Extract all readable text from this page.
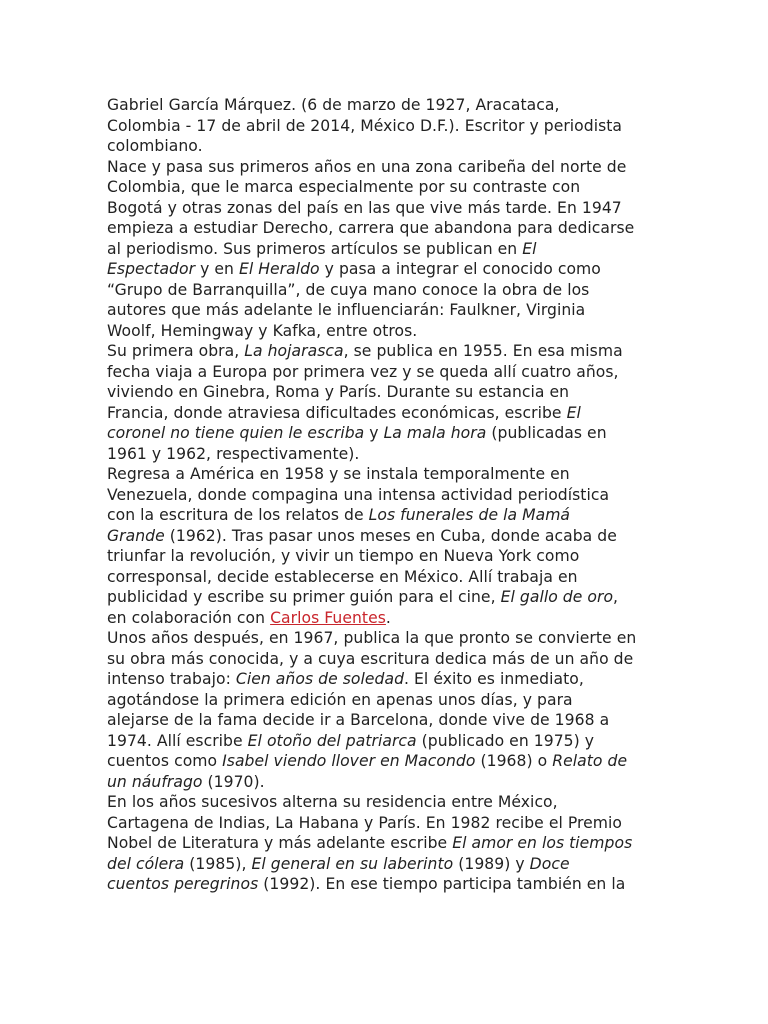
Gabriel García Márquez. (6 de marzo de 1927, Aracataca,
Colombia - 17 de abril de 2014, México D.F.). Escritor y periodista
colombiano.

Nace y pasa sus primeros años en una zona caribeña del norte de
Colombia, que le marca especialmente por su contraste con
Bogotá y otras zonas del país en las que vive más tarde. En 1947
empieza a estudiar Derecho, carrera que abandona para dedicarse
al periodismo. Sus primeros artículos se publican en El
Espectador y en El Heraldo y pasa a integrar el conocido como
“Grupo de Barranquilla”, de cuya mano conoce la obra de los
autores que más adelante le influenciarán: Faulkner, Virginia
Woolf, Hemingway y Kafka, entre otros.

Su primera obra, La hojarasca, se publica en 1955. En esa misma
fecha viaja a Europa por primera vez y se queda allí cuatro años,
viviendo en Ginebra, Roma y París. Durante su estancia en
Francia, donde atraviesa dificultades económicas, escribe El
coronel no tiene quien le escriba y La mala hora (publicadas en
1961 y 1962, respectivamente).

Regresa a América en 1958 y se instala temporalmente en
Venezuela, donde compagina una intensa actividad periodística
con la escritura de los relatos de Los funerales de la Mamá
Grande (1962). Tras pasar unos meses en Cuba, donde acaba de
triunfar la revolución, y vivir un tiempo en Nueva York como
corresponsal, decide establecerse en México. Allí trabaja en
publicidad y escribe su primer guión para el cine, El gallo de oro,
en colaboración con Carlos Fuentes.

Unos años después, en 1967, publica la que pronto se convierte en
su obra más conocida, y a cuya escritura dedica más de un año de
intenso trabajo: Cien años de soledad. El éxito es inmediato,
agotándose la primera edición en apenas unos días, y para
alejarse de la fama decide ir a Barcelona, donde vive de 1968 a
1974. Allí escribe El otoño del patriarca (publicado en 1975) y
cuentos como Isabel viendo llover en Macondo (1968) o Relato de
un náufrago (1970).

En los años sucesivos alterna su residencia entre México,
Cartagena de Indias, La Habana y París. En 1982 recibe el Premio
Nobel de Literatura y más adelante escribe El amor en los tiempos
del cólera (1985), El general en su laberinto (1989) y Doce
cuentos peregrinos (1992). En ese tiempo participa también en la
